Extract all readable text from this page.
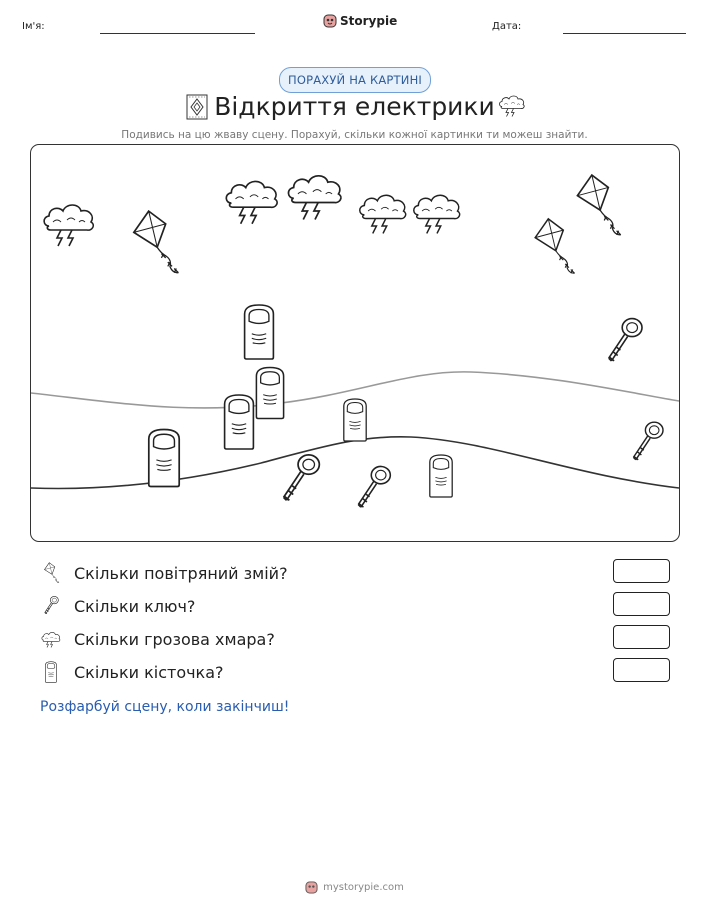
Ім'я:	Storypie	Дата:
ПОРАХУЙ НА КАРТИНІ
Відкриття електрики
Подивись на цю жваву сцену. Порахуй, скільки кожної картинки ти можеш знайти.
Скільки повітряний змій?
Скільки ключ?
Скільки грозова хмара?
Скільки кісточка?
Розфарбуй сцену, коли закінчиш!
mystorypie.com
